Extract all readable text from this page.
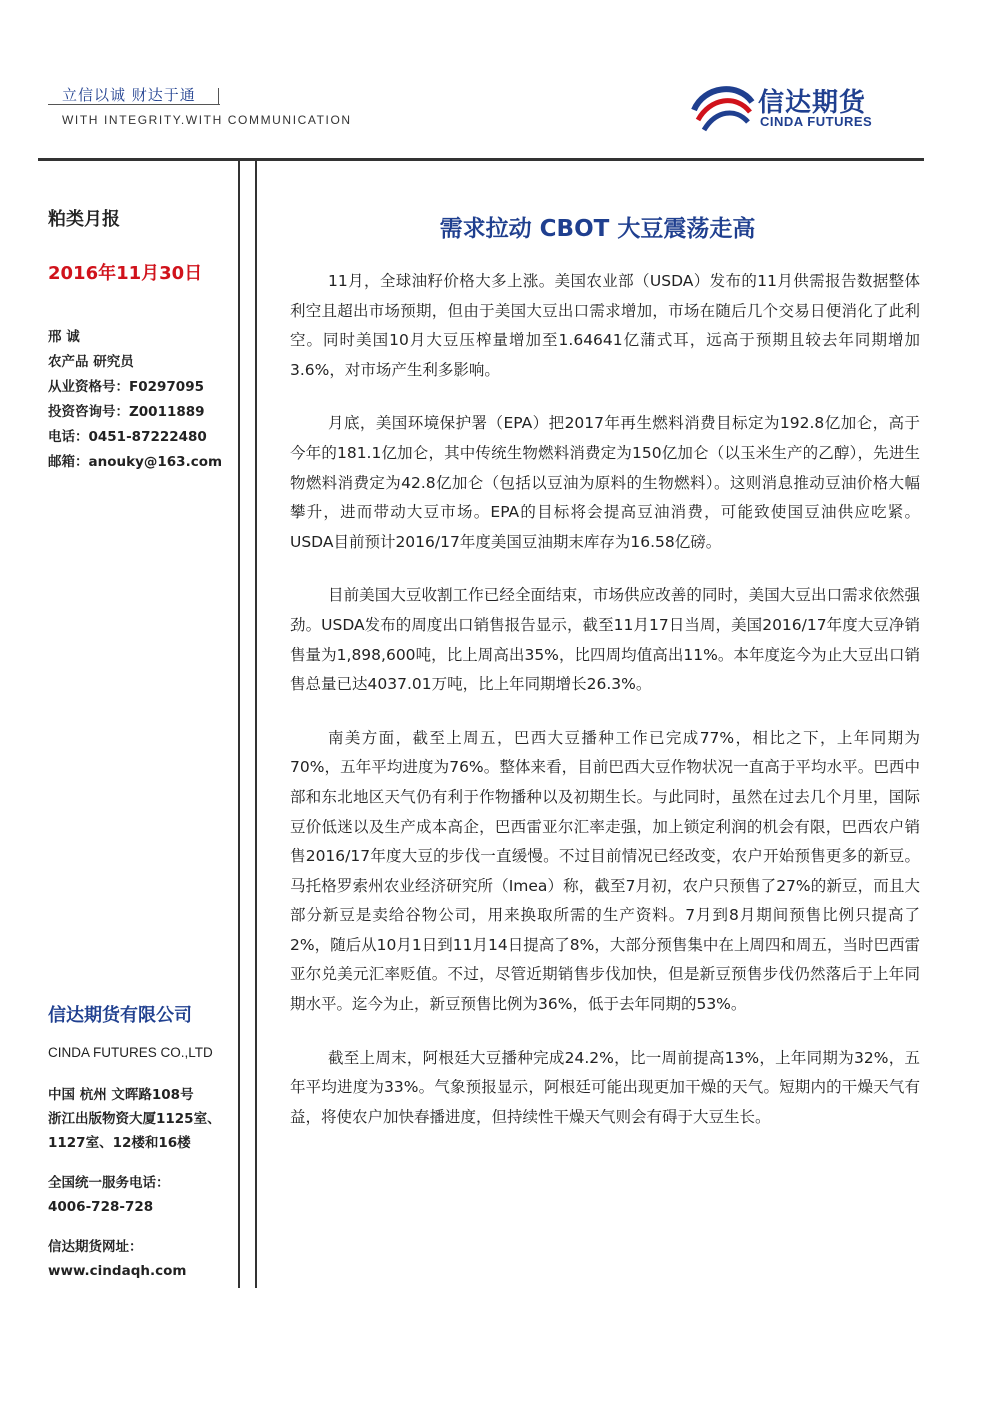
立信以诚 财达于通
WITH INTEGRITY.WITH COMMUNICATION
信达期货
CINDA FUTURES
粕类月报
2016年11月30日
邢 诚
农产品 研究员
从业资格号：F0297095
投资咨询号：Z0011889
电话：0451-87222480
邮箱：anouky@163.com
信达期货有限公司
CINDA FUTURES CO.,LTD
中国 杭州 文晖路108号
浙江出版物资大厦1125室、
1127室、12楼和16楼
全国统一服务电话：
4006-728-728
信达期货网址：
www.cindaqh.com
需求拉动 CBOT 大豆震荡走高

11月，全球油籽价格大多上涨。美国农业部（USDA）发布的11月供需报告数据整体利空且超出市场预期，但由于美国大豆出口需求增加，市场在随后几个交易日便消化了此利空。同时美国10月大豆压榨量增加至1.64641亿蒲式耳，远高于预期且较去年同期增加3.6%，对市场产生利多影响。

月底，美国环境保护署（EPA）把2017年再生燃料消费目标定为192.8亿加仑，高于今年的181.1亿加仑，其中传统生物燃料消费定为150亿加仑（以玉米生产的乙醇），先进生物燃料消费定为42.8亿加仑（包括以豆油为原料的生物燃料）。这则消息推动豆油价格大幅攀升，进而带动大豆市场。EPA的目标将会提高豆油消费，可能致使国豆油供应吃紧。USDA目前预计2016/17年度美国豆油期末库存为16.58亿磅。

目前美国大豆收割工作已经全面结束，市场供应改善的同时，美国大豆出口需求依然强劲。USDA发布的周度出口销售报告显示，截至11月17日当周，美国2016/17年度大豆净销售量为1,898,600吨，比上周高出35%，比四周均值高出11%。本年度迄今为止大豆出口销售总量已达4037.01万吨，比上年同期增长26.3%。

南美方面，截至上周五，巴西大豆播种工作已完成77%，相比之下，上年同期为70%，五年平均进度为76%。整体来看，目前巴西大豆作物状况一直高于平均水平。巴西中部和东北地区天气仍有利于作物播种以及初期生长。与此同时，虽然在过去几个月里，国际豆价低迷以及生产成本高企，巴西雷亚尔汇率走强，加上锁定利润的机会有限，巴西农户销售2016/17年度大豆的步伐一直缓慢。不过目前情况已经改变，农户开始预售更多的新豆。马托格罗索州农业经济研究所（Imea）称，截至7月初，农户只预售了27%的新豆，而且大部分新豆是卖给谷物公司，用来换取所需的生产资料。7月到8月期间预售比例只提高了2%，随后从10月1日到11月14日提高了8%，大部分预售集中在上周四和周五，当时巴西雷亚尔兑美元汇率贬值。不过，尽管近期销售步伐加快，但是新豆预售步伐仍然落后于上年同期水平。迄今为止，新豆预售比例为36%，低于去年同期的53%。

截至上周末，阿根廷大豆播种完成24.2%，比一周前提高13%，上年同期为32%，五年平均进度为33%。气象预报显示，阿根廷可能出现更加干燥的天气。短期内的干燥天气有益，将使农户加快春播进度，但持续性干燥天气则会有碍于大豆生长。
